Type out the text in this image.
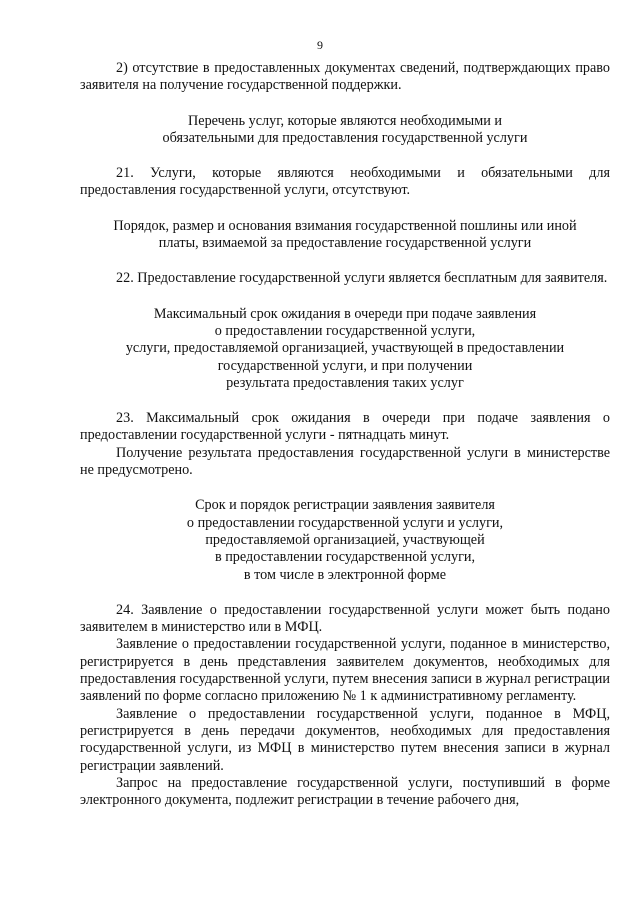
9

2) отсутствие в предоставленных документах сведений, подтверждающих право заявителя на получение государственной поддержки.

Перечень услуг, которые являются необходимыми и
обязательными для предоставления государственной услуги

21. Услуги, которые являются необходимыми и обязательными для предоставления государственной услуги, отсутствуют.

Порядок, размер и основания взимания государственной пошлины или иной
платы, взимаемой за предоставление государственной услуги

22. Предоставление государственной услуги является бесплатным для заявителя.

Максимальный срок ожидания в очереди при подаче заявления
о предоставлении государственной услуги,
услуги, предоставляемой организацией, участвующей в предоставлении
государственной услуги, и при получении
результата предоставления таких услуг

23. Максимальный срок ожидания в очереди при подаче заявления о предоставлении государственной услуги - пятнадцать минут.

Получение результата предоставления государственной услуги в министерстве не предусмотрено.

Срок и порядок регистрации заявления заявителя
о предоставлении государственной услуги и услуги,
предоставляемой организацией, участвующей
в предоставлении государственной услуги,
в том числе в электронной форме

24. Заявление о предоставлении государственной услуги может быть подано заявителем в министерство или в МФЦ.

Заявление о предоставлении государственной услуги, поданное в министерство, регистрируется в день представления заявителем документов, необходимых для предоставления государственной услуги, путем внесения записи в журнал регистрации заявлений по форме согласно приложению № 1 к административному регламенту.

Заявление о предоставлении государственной услуги, поданное в МФЦ, регистрируется в день передачи документов, необходимых для предоставления государственной услуги, из МФЦ в министерство путем внесения записи в журнал регистрации заявлений.

Запрос на предоставление государственной услуги, поступивший в форме электронного документа, подлежит регистрации в течение рабочего дня,
